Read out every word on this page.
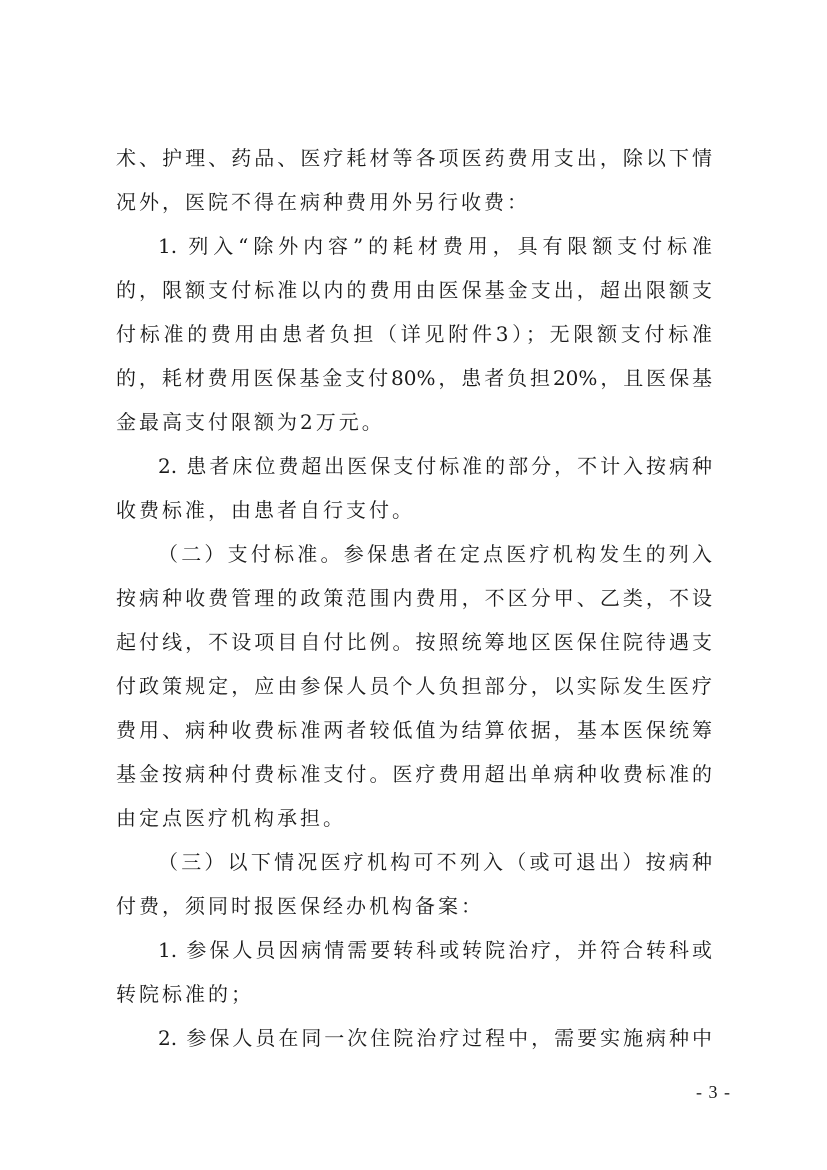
术、护理、药品、医疗耗材等各项医药费用支出，除以下情
况外，医院不得在病种费用外另行收费：
1. 列入“除外内容”的耗材费用，具有限额支付标准
的，限额支付标准以内的费用由医保基金支出，超出限额支
付标准的费用由患者负担（详见附件3）；无限额支付标准
的，耗材费用医保基金支付80%，患者负担20%，且医保基
金最高支付限额为2万元。
2. 患者床位费超出医保支付标准的部分，不计入按病种
收费标准，由患者自行支付。
（二）支付标准。参保患者在定点医疗机构发生的列入
按病种收费管理的政策范围内费用，不区分甲、乙类，不设
起付线，不设项目自付比例。按照统筹地区医保住院待遇支
付政策规定，应由参保人员个人负担部分，以实际发生医疗
费用、病种收费标准两者较低值为结算依据，基本医保统筹
基金按病种付费标准支付。医疗费用超出单病种收费标准的
由定点医疗机构承担。
（三）以下情况医疗机构可不列入（或可退出）按病种
付费，须同时报医保经办机构备案：
1. 参保人员因病情需要转科或转院治疗，并符合转科或
转院标准的；
2. 参保人员在同一次住院治疗过程中，需要实施病种中
- 3 -
